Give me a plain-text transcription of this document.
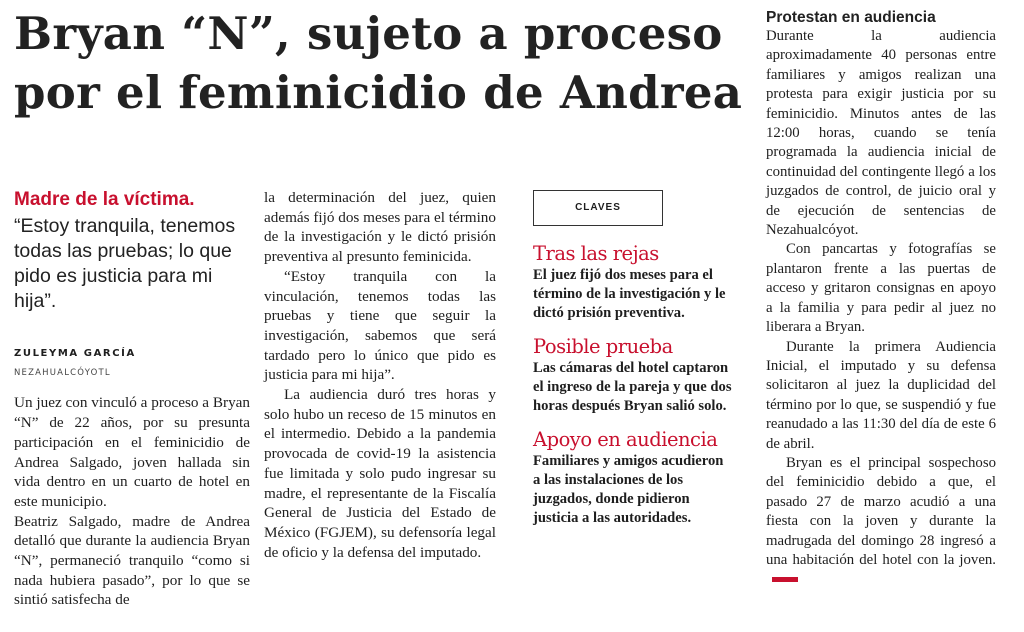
Bryan “N”, sujeto a proceso por el feminicidio de Andrea
Madre de la víctima.
“Estoy tranquila, tenemos todas las pruebas; lo que pido es justicia para mi hija”.
ZULEYMA GARCÍA
NEZAHUALCÓYOTL

Un juez con vinculó a proceso a Bryan “N” de 22 años, por su presunta participación en el feminicidio de Andrea Salgado, joven hallada sin vida dentro en un cuarto de hotel en este municipio.

Beatriz Salgado, madre de Andrea detalló que durante la audiencia Bryan “N”, permaneció tranquilo “como si nada hubiera pasado”, por lo que se sintió satisfecha de

la determinación del juez, quien además fijó dos meses para el término de la investigación y le dictó prisión preventiva al presunto feminicida.

“Estoy tranquila con la vinculación, tenemos todas las pruebas y tiene que seguir la investigación, sabemos que será tardado pero lo único que pido es justicia para mi hija”.

La audiencia duró tres horas y solo hubo un receso de 15 minutos en el intermedio. Debido a la pandemia provocada de covid-19 la asistencia fue limitada y solo pudo ingresar su madre, el representante de la Fiscalía General de Justicia del Estado de México (FGJEM), su defensoría legal de oficio y la defensa del imputado.

CLAVES
Tras las rejas
El juez fijó dos meses para el término de la investigación y le dictó prisión preventiva.
Posible prueba
Las cámaras del hotel captaron el ingreso de la pareja y que dos horas después Bryan salió solo.
Apoyo en audiencia
Familiares y amigos acudieron a las instalaciones de los juzgados, donde pidieron justicia a las autoridades.
Protestan en audiencia

Durante la audiencia aproximadamente 40 personas entre familiares y amigos realizan una protesta para exigir justicia por su feminicidio. Minutos antes de las 12:00 horas, cuando se tenía programada la audiencia inicial de continuidad del contingente llegó a los juzgados de control, de juicio oral y de ejecución de sentencias de Nezahualcóyot.

Con pancartas y fotografías se plantaron frente a las puertas de acceso y gritaron consignas en apoyo a la familia y para pedir al juez no liberara a Bryan.

Durante la primera Audiencia Inicial, el imputado y su defensa solicitaron al juez la duplicidad del término por lo que, se suspendió y fue reanudado a las 11:30 del día de este 6 de abril.

Bryan es el principal sospechoso del feminicidio debido a que, el pasado 27 de marzo acudió a una fiesta con la joven y durante la madrugada del domingo 28 ingresó a una habitación del hotel con la joven.
